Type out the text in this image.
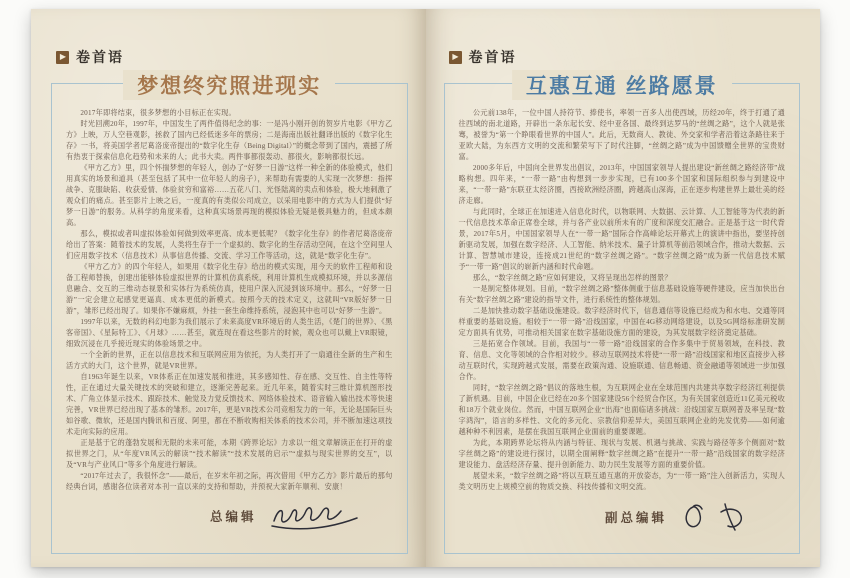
▶ 卷首语
梦想终究照进现实

2017年即将结束，很多梦想的小目标正在实现。

时光回溯20年，1997年，中国发生了两件值得纪念的事：一是冯小刚开创的贺岁片电影《甲方乙方》上映，万人空巷观影，拯救了国内已经低迷多年的票房；二是海南出版社翻译出版的《数字化生存》一书，将美国学者尼葛洛庞帝提出的“数字化生存（Being Digital）”的概念带到了国内，震撼了所有热衷于探索信息化趋势和未来的人；此书大卖。两件事都很轰动、都很火，影响都很长远。

《甲方乙方》里，四个怀揣梦想的年轻人，创办了“好梦一日游”这样一种全新的体验模式，他们用真实的场景和道具（甚至包括了其中一位年轻人的房子），来帮助有需要的人实现一次梦想：指挥战争、克服缺陷、收获爱情、体验贫穷和富裕……五花八门、光怪陆离的卖点和体验，极大地刺激了观众们的痛点。甚至影片上映之后，一度真的有类似公司成立，以采用电影中的方式为人们提供“好梦一日游”的服务。从科学的角度来看，这种真实场景再现的模拟体验无疑是极具魅力的，但成本颇高。

那么，模拟或者叫虚拟体验如何做到效率更高、成本更低呢？《数字化生存》的作者尼葛洛庞帝给出了答案：随着技术的发展，人类将生存于一个虚拟的、数字化的生存活动空间，在这个空间里人们应用数字技术（信息技术）从事信息传播、交流、学习工作等活动，这，就是“数字化生存”。

《甲方乙方》的四个年轻人，如果用《数字化生存》给出的模式实现，用今天的软件工程师和设备工程师替换，创建出能够体验虚拟世界的计算机仿真系统，利用计算机生成模拟环境，并以多源信息融合、交互的三维动态视景和实体行为系统仿真，使用户深入沉浸到该环境中。那么，“好梦一日游”一定会建立起感觉更逼真、成本更低的新模式。按照今天的技术定义，这就叫“VR版好梦一日游”，雏形已经出现了。如果你不嫌麻烦，外挂一套生命维持系统，浸泡其中也可以“好梦一生游”。

1997年以来，无数的科幻电影为我们展示了未来高度VR环境后的人类生活，《楚门的世界》、《黑客帝国》、《星际特工》、《月球》……甚至，就连现在看这些影片的时候，观众也可以戴上VR眼镜，细致沉浸在几乎接近现实的体验场景之中。

一个全新的世界，正在以信息技术和互联网应用为依托，为人类打开了一扇通往全新的生产和生活方式的大门，这个世界，就是VR世界。

自1963年诞生以来，VR体系正在加速发展和推进，其多感知性、存在感、交互性、自主性等特性，正在通过大量关键技术的突破和建立，逐渐完善起来。近几年来，随着实时三维计算机图形技术、广角立体显示技术、跟踪技术、触觉及力觉反馈技术、网络体验技术、语音输入输出技术等快速完善，VR世界已经出现了基本的雏形。2017年，更是VR技术公司竞相发力的一年，无论是国际巨头如谷歌、微软，还是国内腾讯和百度、阿里，都在不断收购相关体系的技术公司，并不断加速这项技术走向实际的应用。

正是基于它的蓬勃发展和无限的未来可能，本期《跨界论坛》力求以一组文章解读正在打开的虚拟世界之门，从“年度VR风云的解读”“技术解读”“技术发展的启示”“虚拟与现实世界的交互”，以及“VR与产业风口”等多个角度进行解读。

“2017年过去了，我很怀念”——最后，在岁末年初之际，再次借用《甲方乙方》影片最后的那句经典台词，感谢各位读者对本刊一直以来的支持和帮助，并预祝大家新年顺利、安康！

总编辑
▶ 卷首语
互惠互通 丝路愿景

公元前138年，一位中国人持符节、捧使书，率领一百多人出使西域，历经20年，终于打通了通往西域的南北道路，开辟出一条东起长安、经中亚各国、最终到达罗马的“丝绸之路”，这个人就是张骞，被誉为“第一个睁眼看世界的中国人”。此后，无数商人、教徒、外交家和学者沿着这条路往来于亚欧大陆，为东西方文明的交流和繁荣写下了时代注脚，“丝绸之路”成为中国馈赠全世界的宝贵财富。

2000多年后，中国向全世界发出倡议，2013年，中国国家领导人提出建设“新丝绸之路经济带”战略构想。四年来，“一带一路”由构想到一步步实现，已有100多个国家和国际组织参与到建设中来，“一带一路”东联亚太经济圈，西接欧洲经济圈，跨越高山深海，正在逐步构建世界上最壮美的经济走廊。

与此同时，全球正在加速进入信息化时代，以物联网、大数据、云计算、人工智能等为代表的新一代信息技术革命正席卷全球，并与各产业以前所未有的广度和深度交汇融合。正是基于这一时代背景，2017年5月，中国国家领导人在“一带一路”国际合作高峰论坛开幕式上的演讲中指出，要坚持创新驱动发展，加强在数字经济、人工智能、纳米技术、量子计算机等前沿领域合作，推动大数据、云计算、智慧城市建设，连接成21世纪的“数字丝绸之路”。“数字丝绸之路”成为新一代信息技术赋予“一带一路”倡议的崭新内涵和时代命题。

那么，“数字丝绸之路”应如何建设，又将呈现出怎样的图景？

一是制定整体规划。目前，“数字丝绸之路”整体侧重于信息基础设施等硬件建设，应当加快出台有关“数字丝绸之路”建设的指导文件，进行系统性的整体规划。

二是加快推动数字基础设施建设。数字经济时代下，信息通信等设施已经成为和水电、交通等同样重要的基础设施。相较于“一带一路”沿线国家，中国在4G移动网络建设，以及5G网络标准研发制定方面具有优势，可推动相关国家在数字基础设施方面的建设，为其发展数字经济奠定基础。

三是拓宽合作领域。目前，我国与“一带一路”沿线国家的合作多集中于贸易领域，在科技、教育、信息、文化等领域的合作相对较少。移动互联网技术将使“一带一路”沿线国家和地区直接步入移动互联时代，实现跨越式发展，需要在政策沟通、设施联通、信息畅通、资金融通等领域进一步加强合作。

同时，“数字丝绸之路”倡议的落地生根，为互联网企业在全球范围内共建共享数字经济红利提供了新机遇。目前，中国企业已经在20多个国家建设56个经贸合作区，为有关国家创造近11亿美元税收和18万个就业岗位。然而，中国互联网企业“出海”也面临诸多挑战：沿线国家互联网普及率呈现“数字鸿沟”，语言的多样性、文化的多元化、宗教信仰差异大，美国互联网企业的先发优势——如何逾越种种不利因素，是摆在我国互联网企业面前的重要课题。

为此，本期跨界论坛将从内涵与特征、现状与发展、机遇与挑战、实践与路径等多个侧面对“数字丝绸之路”的建设进行探讨，以期全面阐释“数字丝绸之路”在提升“一带一路”沿线国家的数字经济建设能力、盘活经济存量、提升创新能力、助力民生发展等方面的重要价值。

展望未来，“数字丝绸之路”将以互联互通互惠的开放姿态，为“一带一路”注入创新活力，实现人类文明历史上规模空前的物质交换、科技传播和文明交流。

副总编辑
